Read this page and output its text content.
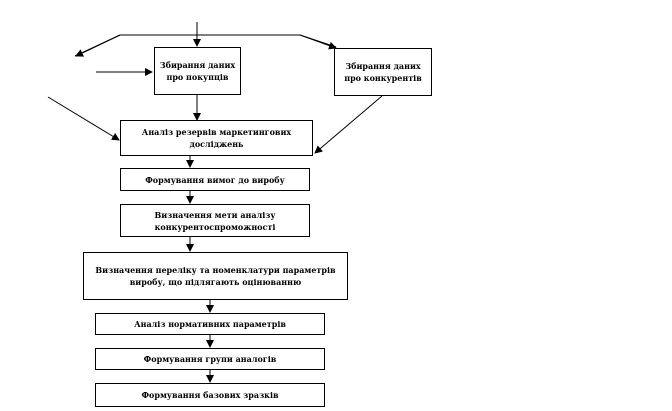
Збирання даних
про покупців
Збирання даних
про конкурентів
Аналіз резервів маркетингових
досліджень
Формування вимог до виробу
Визначення мети аналізу
конкурентоспроможності
Визначення переліку та номенклатури параметрів
виробу, що підлягають оцінюванню
Аналіз нормативних параметрів
Формування групи аналогів
Формування базових зразків
